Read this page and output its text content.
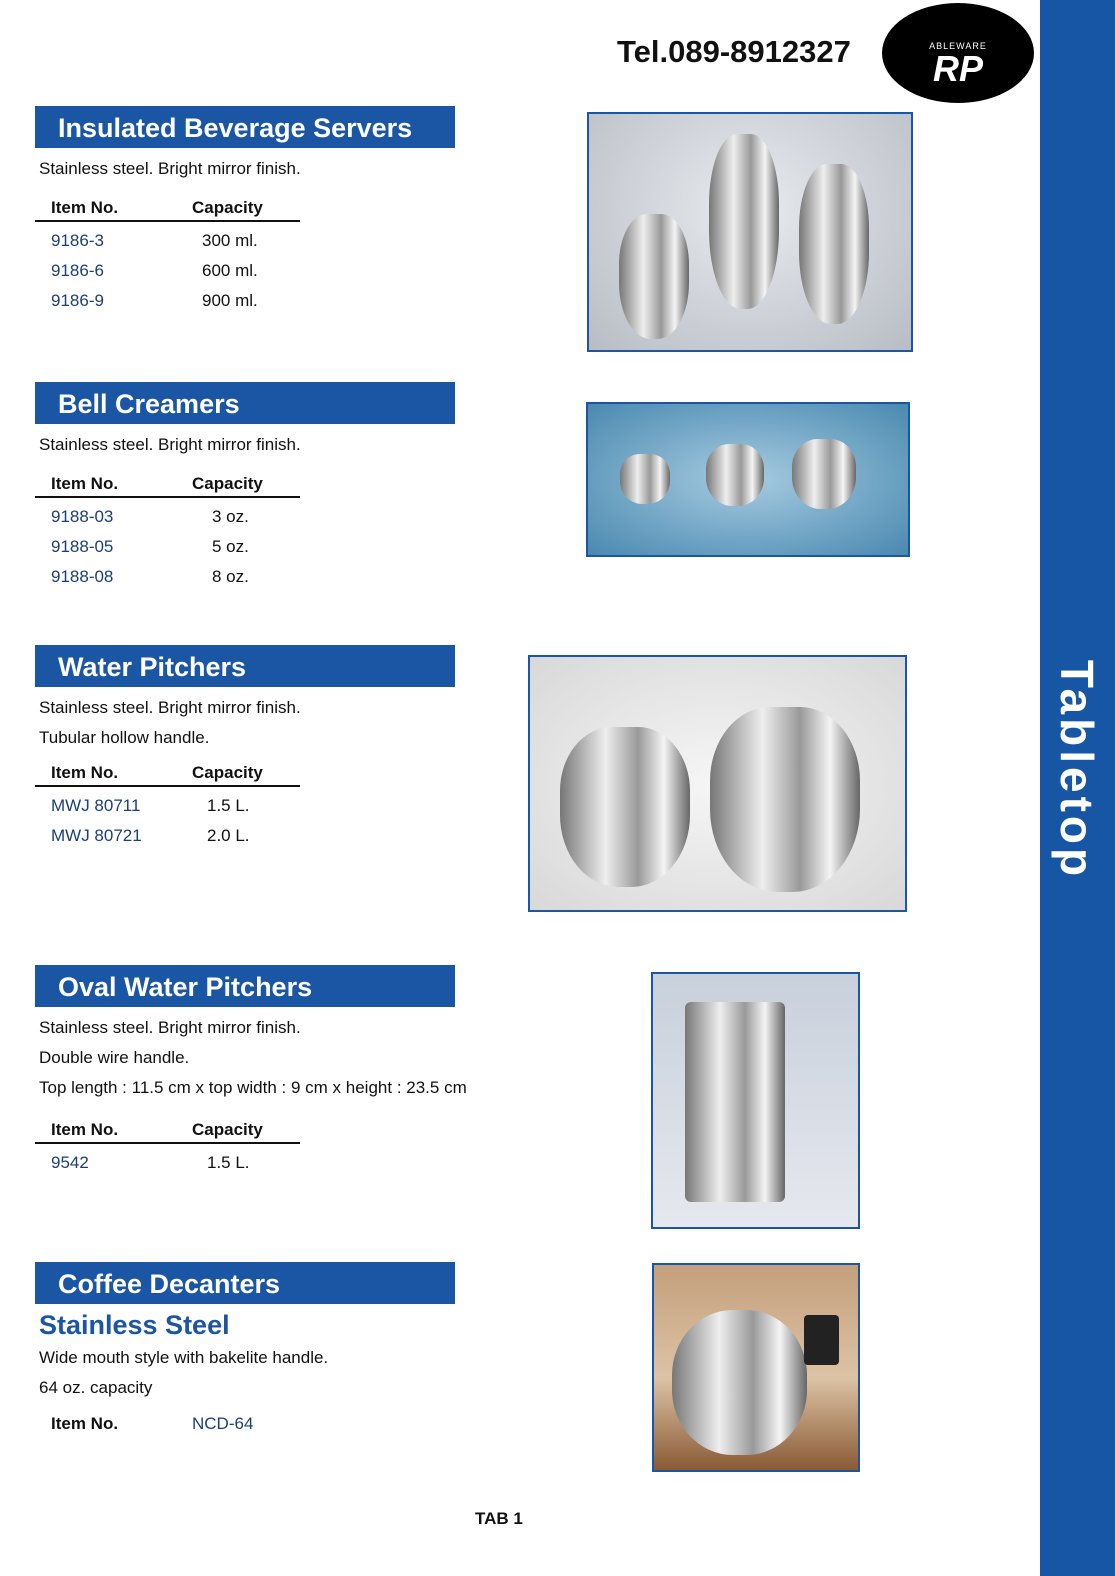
Tel.089-8912327	ABLEWARE
RP
Tabletop
Insulated Beverage Servers
Stainless steel. Bright mirror finish.
Item No.	Capacity
9186-3	300 ml.
9186-6	600 ml.
9186-9	900 ml.
Bell Creamers
Stainless steel. Bright mirror finish.
Item No.	Capacity
9188-03	3 oz.
9188-05	5 oz.
9188-08	8 oz.
Water Pitchers
Stainless steel. Bright mirror finish.
Tubular hollow handle.
Item No.	Capacity
MWJ 80711	1.5 L.
MWJ 80721	2.0 L.
Oval Water Pitchers
Stainless steel. Bright mirror finish.
Double wire handle.
Top length : 11.5 cm x top width : 9 cm x height : 23.5 cm
Item No.	Capacity
9542	1.5 L.
Coffee Decanters
Stainless Steel
Wide mouth style with bakelite handle.
64 oz. capacity
Item No.	NCD-64
TAB 1
